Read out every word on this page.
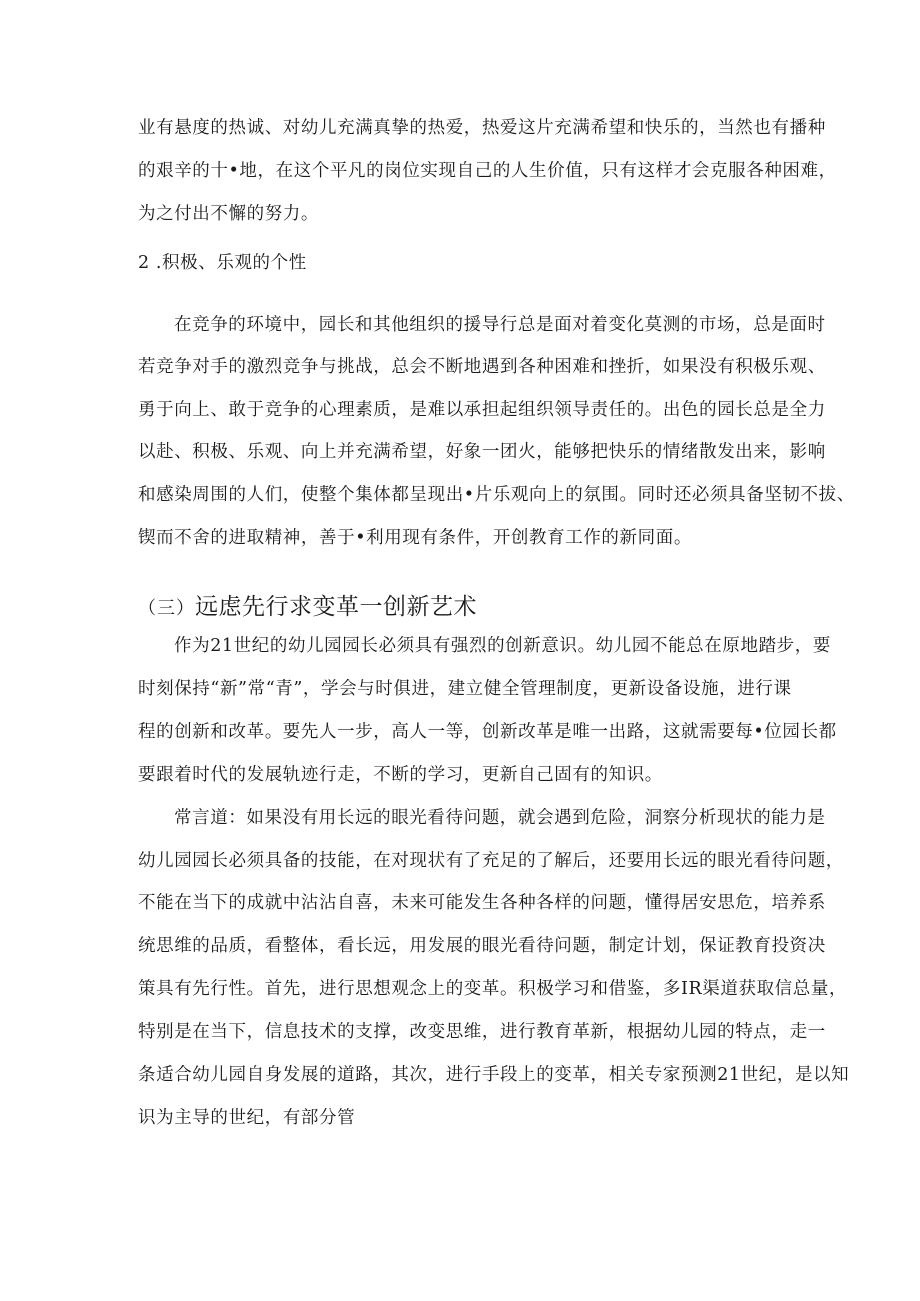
业有悬度的热诚、对幼儿充满真挚的热爱，热爱这片充满希望和快乐的，当然也有播种
的艰辛的十•地，在这个平凡的岗位实现自己的人生价值，只有这样才会克服各种困难，
为之付出不懈的努力。
2 .积极、乐观的个性
在竞争的环境中，园长和其他组织的援导行总是面对着变化莫测的市场，总是面时
若竞争对手的激烈竞争与挑战，总会不断地遇到各种困难和挫折，如果没有积极乐观、
勇于向上、敢于竞争的心理素质，是难以承担起组织领导责任的。出色的园长总是全力
以赴、积极、乐观、向上并充满希望，好象一团火，能够把快乐的情绪散发出来，影响
和感染周围的人们，使整个集体都呈现出•片乐观向上的氛围。同时还必须具备坚韧不拔、
锲而不舍的进取精神，善于•利用现有条件，开创教育工作的新同面。
（三）远虑先行求变革一创新艺术
作为21世纪的幼儿园园长必须具有强烈的创新意识。幼儿园不能总在原地踏步，要
时刻保持“新”常“青”，学会与时俱进，建立健全管理制度，更新设备设施，进行课
程的创新和改革。要先人一步，高人一等，创新改革是唯一出路，这就需要每•位园长都
要跟着时代的发展轨迹行走，不断的学习，更新自己固有的知识。
常言道：如果没有用长远的眼光看待问题，就会遇到危险，洞察分析现状的能力是
幼儿园园长必须具备的技能，在对现状有了充足的了解后，还要用长远的眼光看待问题，
不能在当下的成就中沾沾自喜，未来可能发生各种各样的问题，懂得居安思危，培养系
统思维的品质，看整体，看长远，用发展的眼光看待问题，制定计划，保证教育投资决
策具有先行性。首先，进行思想观念上的变革。积极学习和借鉴，多IR渠道获取信总量，
特别是在当下，信息技术的支撑，改变思维，进行教育革新，根据幼儿园的特点，走一
条适合幼儿园自身发展的道路，其次，进行手段上的变革，相关专家预测21世纪，是以知
识为主导的世纪，有部分管
